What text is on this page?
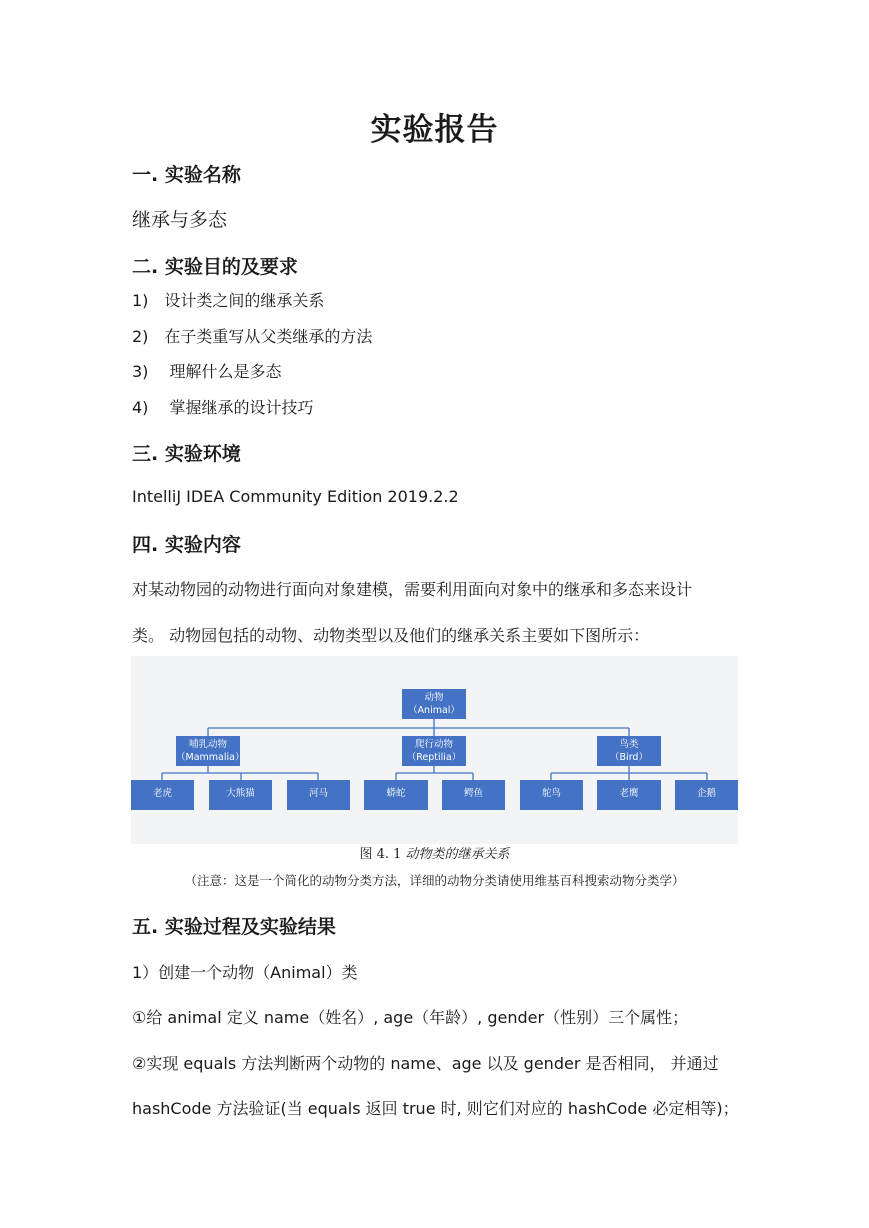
实验报告
一. 实验名称
继承与多态
二. 实验目的及要求
1)　设计类之间的继承关系
2)　在子类重写从父类继承的方法
3)　 理解什么是多态
4)　 掌握继承的设计技巧
三. 实验环境
IntelliJ IDEA Community Edition 2019.2.2
四. 实验内容
对某动物园的动物进行面向对象建模，需要利用面向对象中的继承和多态来设计
类。 动物园包括的动物、动物类型以及他们的继承关系主要如下图所示：
动物
（Animal）
哺乳动物
（Mammalia）
爬行动物
（Reptilia）
鸟类
（Bird）
老虎	大熊猫	河马	蟒蛇	鳄鱼	鸵鸟	老鹰	企鹅
图 4. 1 动物类的继承关系
（注意：这是一个简化的动物分类方法，详细的动物分类请使用维基百科搜索动物分类学）
五. 实验过程及实验结果
1）创建一个动物（Animal）类
①给 animal 定义 name（姓名）, age（年龄）, gender（性别）三个属性；
②实现 equals 方法判断两个动物的 name、age 以及 gender 是否相同， 并通过
hashCode 方法验证(当 equals 返回 true 时, 则它们对应的 hashCode 必定相等)；
